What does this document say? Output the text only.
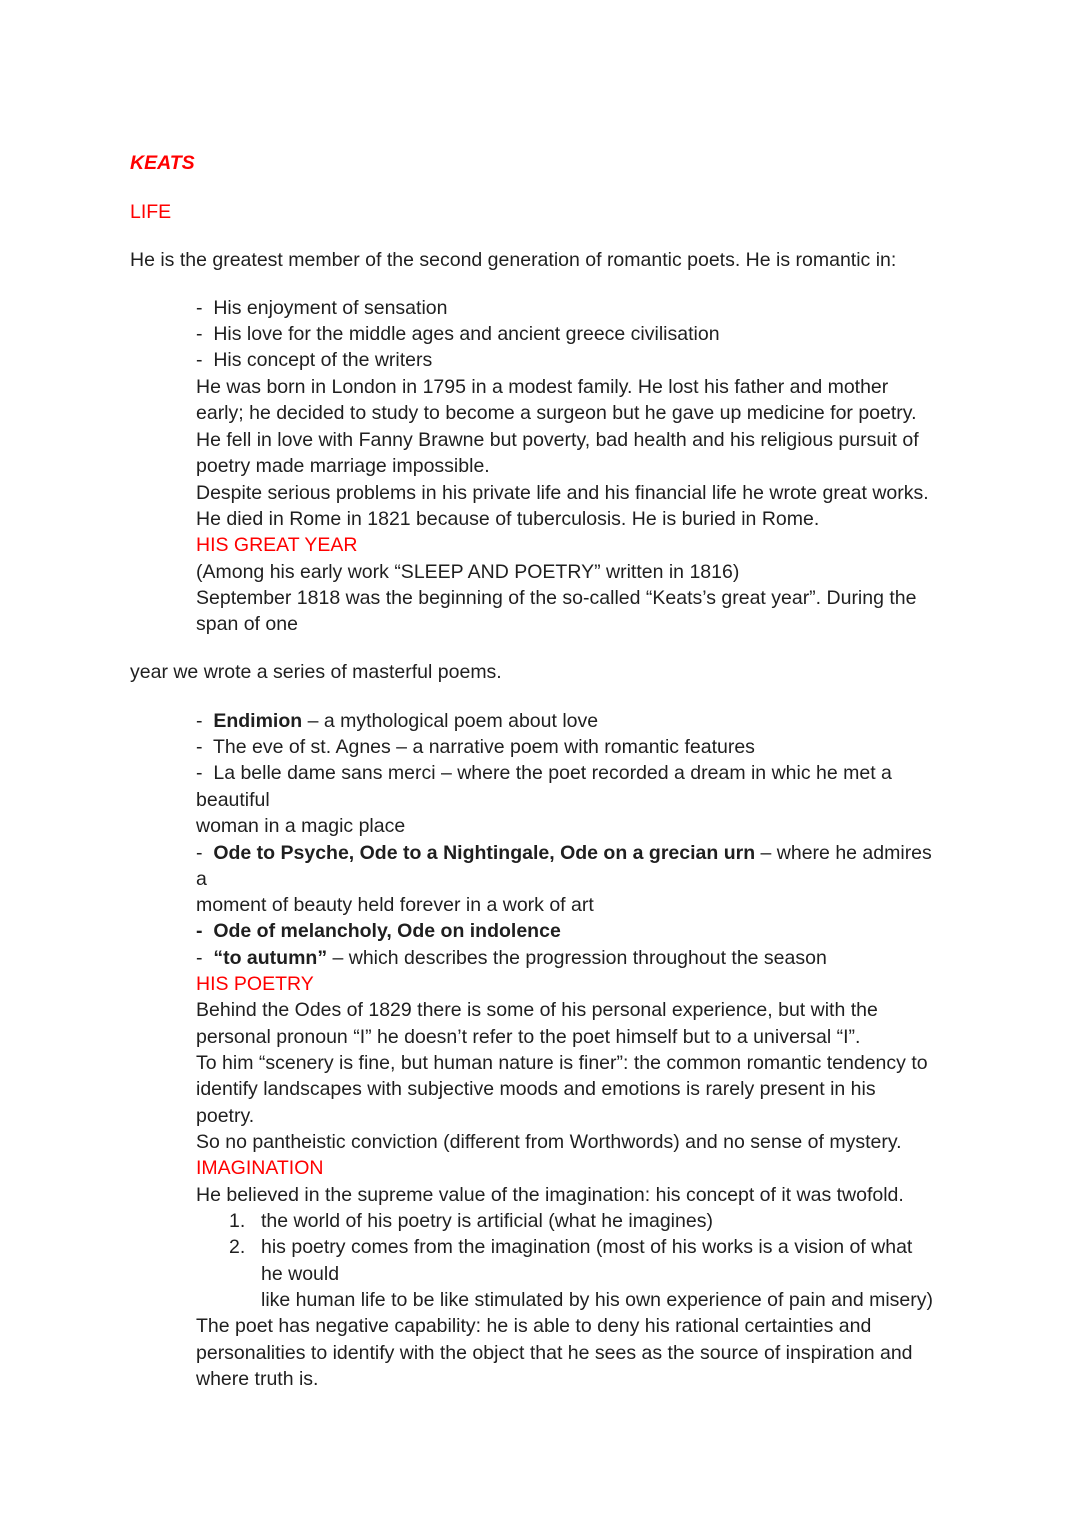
KEATS
LIFE
He is the greatest member of the second generation of romantic poets. He is romantic in:
-  His enjoyment of sensation
-  His love for the middle ages and ancient greece civilisation
-  His concept of the writers
He was born in London in 1795 in a modest family. He lost his father and mother
early; he decided to study to become a surgeon but he gave up medicine for poetry.
He fell in love with Fanny Brawne but poverty, bad health and his religious pursuit of
poetry made marriage impossible.
Despite serious problems in his private life and his financial life he wrote great works.
He died in Rome in 1821 because of tuberculosis. He is buried in Rome.
HIS GREAT YEAR
(Among his early work “SLEEP AND POETRY” written in 1816)
September 1818 was the beginning of the so-called “Keats’s great year”. During the
span of one
year we wrote a series of masterful poems.
-  Endimion – a mythological poem about love
-  The eve of st. Agnes – a narrative poem with romantic features
-  La belle dame sans merci – where the poet recorded a dream in whic he met a
beautiful
woman in a magic place
-  Ode to Psyche, Ode to a Nightingale, Ode on a grecian urn – where he admires
a
moment of beauty held forever in a work of art
-  Ode of melancholy, Ode on indolence
-  “to autumn” – which describes the progression throughout the season
HIS POETRY
Behind the Odes of 1829 there is some of his personal experience, but with the
personal pronoun “I” he doesn’t refer to the poet himself but to a universal “I”.
To him “scenery is fine, but human nature is finer”: the common romantic tendency to
identify landscapes with subjective moods and emotions is rarely present in his
poetry.
So no pantheistic conviction (different from Worthwords) and no sense of mystery.
IMAGINATION
He believed in the supreme value of the imagination: his concept of it was twofold.
1. the world of his poetry is artificial (what he imagines)
2. his poetry comes from the imagination (most of his works is a vision of what
he would
like human life to be like stimulated by his own experience of pain and misery)
The poet has negative capability: he is able to deny his rational certainties and
personalities to identify with the object that he sees as the source of inspiration and
where truth is.
